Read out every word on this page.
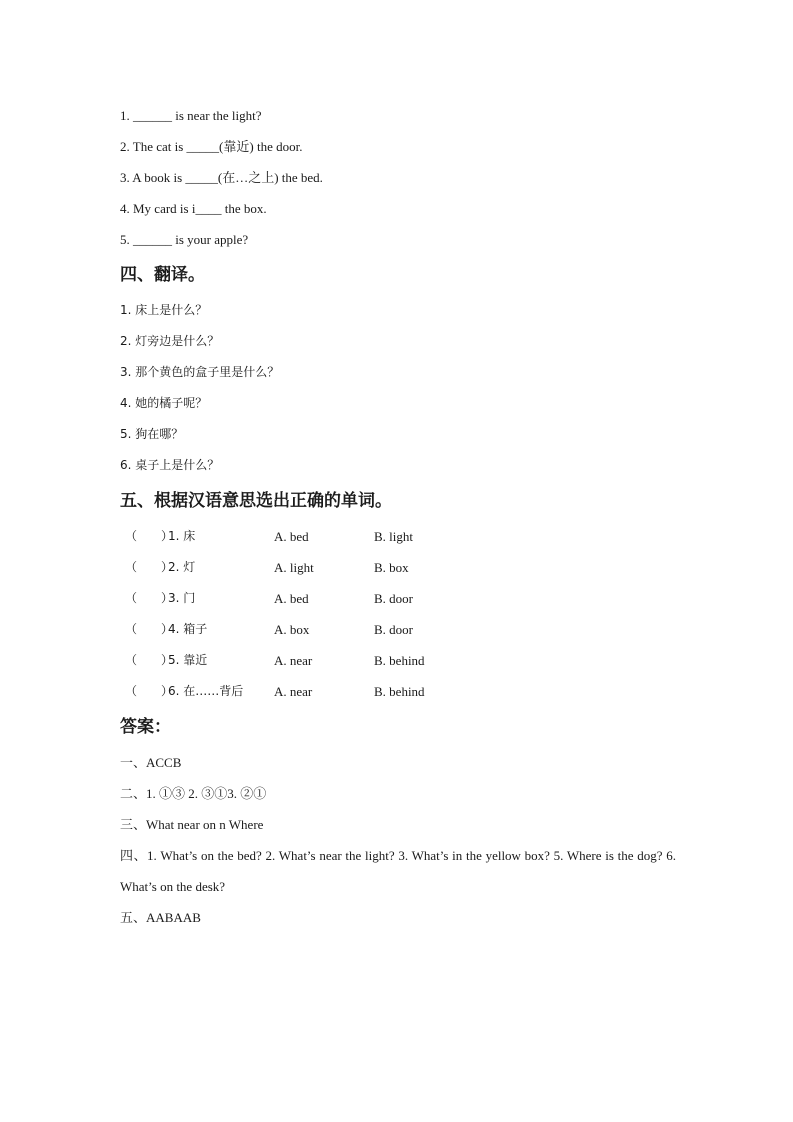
1. ______ is near the light?
2. The cat is _____(靠近) the door.
3. A book is _____(在…之上) the bed.
4. My card is i____ the box.
5. ______ is your apple?
四、翻译。
1. 床上是什么？
2. 灯旁边是什么？
3. 那个黄色的盒子里是什么？
4. 她的橘子呢？
5. 狗在哪？
6. 桌子上是什么？
五、根据汉语意思选出正确的单词。
（　　）
1. 床	A. bed	B. light
（　　）
2. 灯	A. light	B. box
（　　）
3. 门	A. bed	B. door
（　　）
4. 箱子	A. box	B. door
（　　）
5. 靠近	A. near	B. behind
（　　）
6. 在……背后	A. near	B. behind
答案：
一、ACCB
二、1. ①③ 2. ③①3. ②①
三、What near on n Where
四、1. What’s on the bed? 2. What’s near the light? 3. What’s in the yellow box? 5. Where is the dog? 6. What’s on the desk?
五、AABAAB
